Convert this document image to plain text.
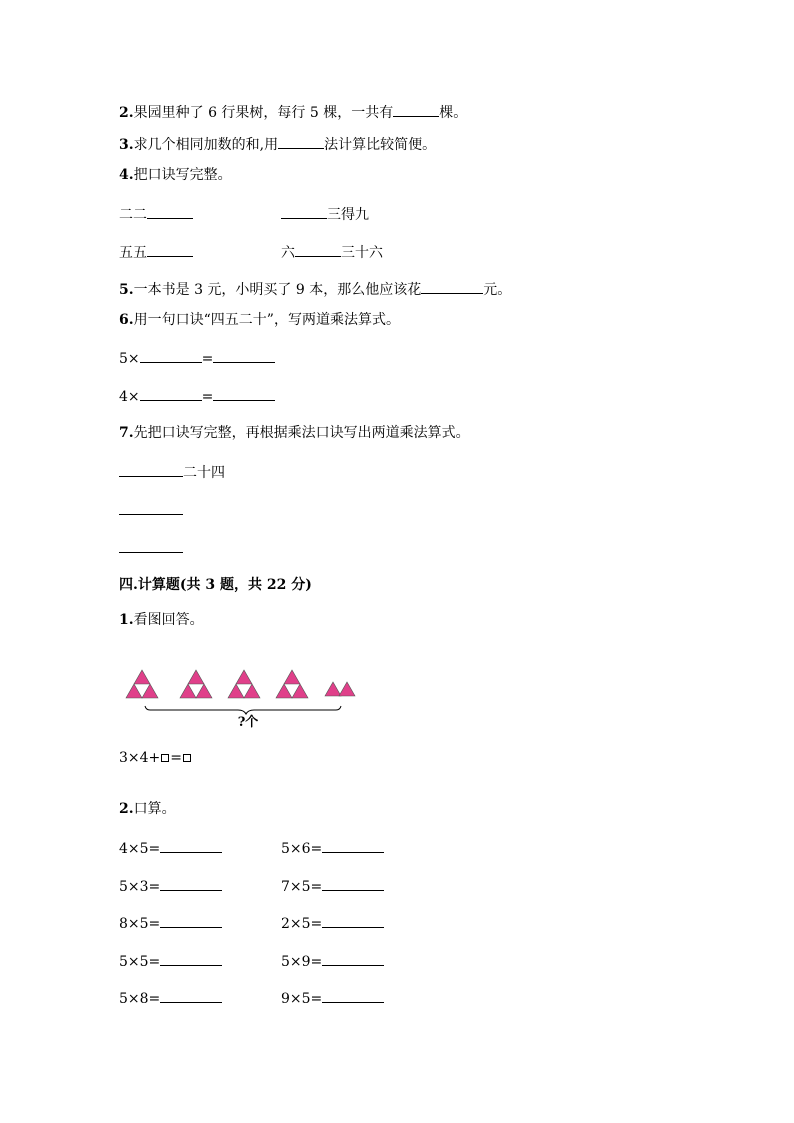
2.果园里种了 6 行果树，每行 5 棵，一共有	棵。
3.求几个相同加数的和,用	法计算比较简便。
4.把口诀写完整。
二二	三得九
五五	六	三十六
5.一本书是 3 元，小明买了 9 本，那么他应该花	元。
6.用一句口诀“四五二十”，写两道乘法算式。
5×	=
4×	=
7.先把口诀写完整，再根据乘法口诀写出两道乘法算式。
二十四
四.计算题(共 3 题，共 22 分)
1.看图回答。
?个
3×4+ =
2.口算。
4×5=	5×6=
5×3=	7×5=
8×5=	2×5=
5×5=	5×9=
5×8=	9×5=
